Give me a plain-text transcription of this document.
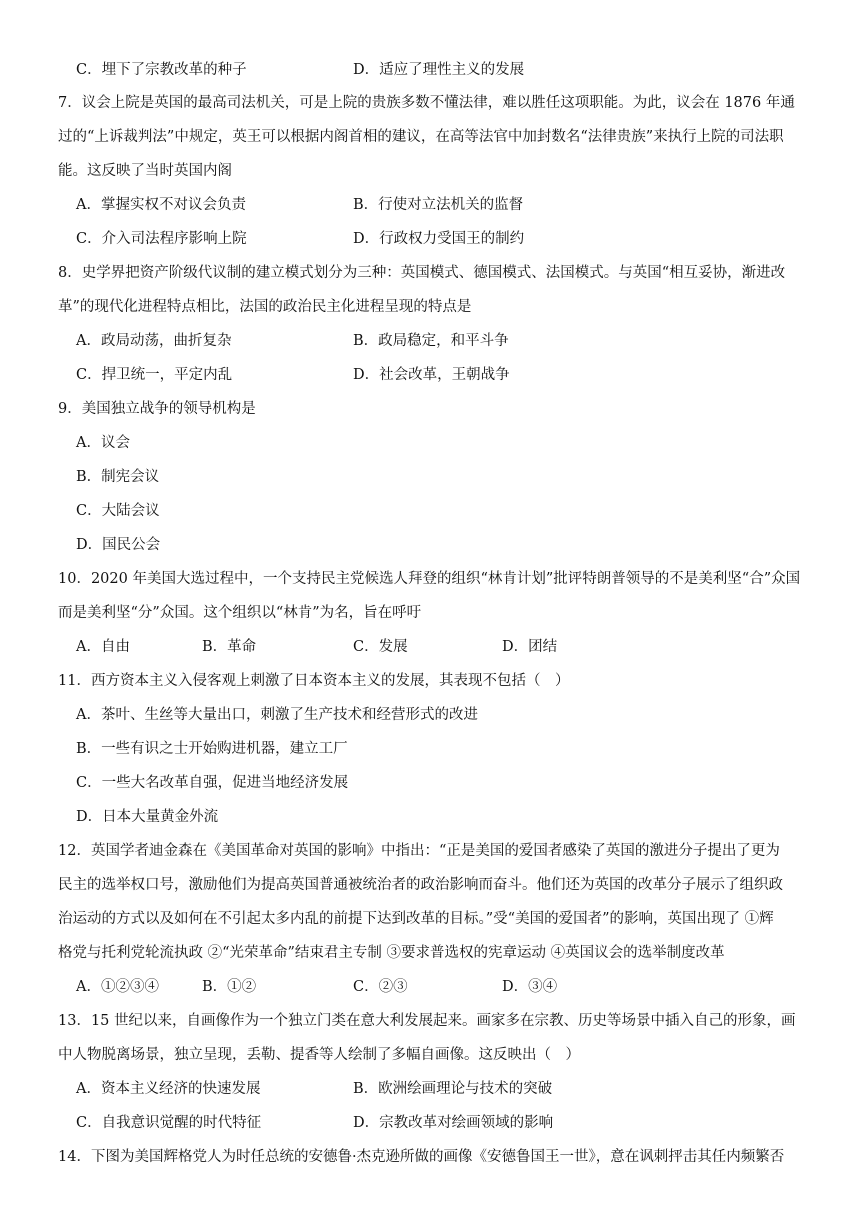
C．埋下了宗教改革的种子	D．适应了理性主义的发展
7．议会上院是英国的最高司法机关，可是上院的贵族多数不懂法律，难以胜任这项职能。为此，议会在 1876 年通
过的“上诉裁判法”中规定，英王可以根据内阁首相的建议，在高等法官中加封数名“法律贵族”来执行上院的司法职
能。这反映了当时英国内阁
A．掌握实权不对议会负责	B．行使对立法机关的监督
C．介入司法程序影响上院	D．行政权力受国王的制约
8．史学界把资产阶级代议制的建立模式划分为三种：英国模式、德国模式、法国模式。与英国“相互妥协，渐进改
革”的现代化进程特点相比，法国的政治民主化进程呈现的特点是
A．政局动荡，曲折复杂	B．政局稳定，和平斗争
C．捍卫统一，平定内乱	D．社会改革，王朝战争
9．美国独立战争的领导机构是
A．议会
B．制宪会议
C．大陆会议
D．国民公会
10．2020 年美国大选过程中，一个支持民主党候选人拜登的组织“林肯计划”批评特朗普领导的不是美利坚“合”众国
而是美利坚“分”众国。这个组织以“林肯”为名，旨在呼吁
A．自由	B．革命	C．发展	D．团结
11．西方资本主义入侵客观上刺激了日本资本主义的发展，其表现不包括（　）
A．茶叶、生丝等大量出口，刺激了生产技术和经营形式的改进
B．一些有识之士开始购进机器，建立工厂
C．一些大名改革自强，促进当地经济发展
D．日本大量黄金外流
12．英国学者迪金森在《美国革命对英国的影响》中指出：“正是美国的爱国者感染了英国的激进分子提出了更为
民主的选举权口号，激励他们为提高英国普通被统治者的政治影响而奋斗。他们还为英国的改革分子展示了组织政
治运动的方式以及如何在不引起太多内乱的前提下达到改革的目标。”受“美国的爱国者”的影响，英国出现了 ①辉
格党与托利党轮流执政 ②“光荣革命”结束君主专制 ③要求普选权的宪章运动 ④英国议会的选举制度改革
A．①②③④	B．①②	C．②③	D．③④
13．15 世纪以来，自画像作为一个独立门类在意大利发展起来。画家多在宗教、历史等场景中插入自己的形象，画
中人物脱离场景，独立呈现，丢勒、提香等人绘制了多幅自画像。这反映出（　）
A．资本主义经济的快速发展	B．欧洲绘画理论与技术的突破
C．自我意识觉醒的时代特征	D．宗教改革对绘画领域的影响
14．下图为美国辉格党人为时任总统的安德鲁·杰克逊所做的画像《安德鲁国王一世》，意在讽刺抨击其任内频繁否
